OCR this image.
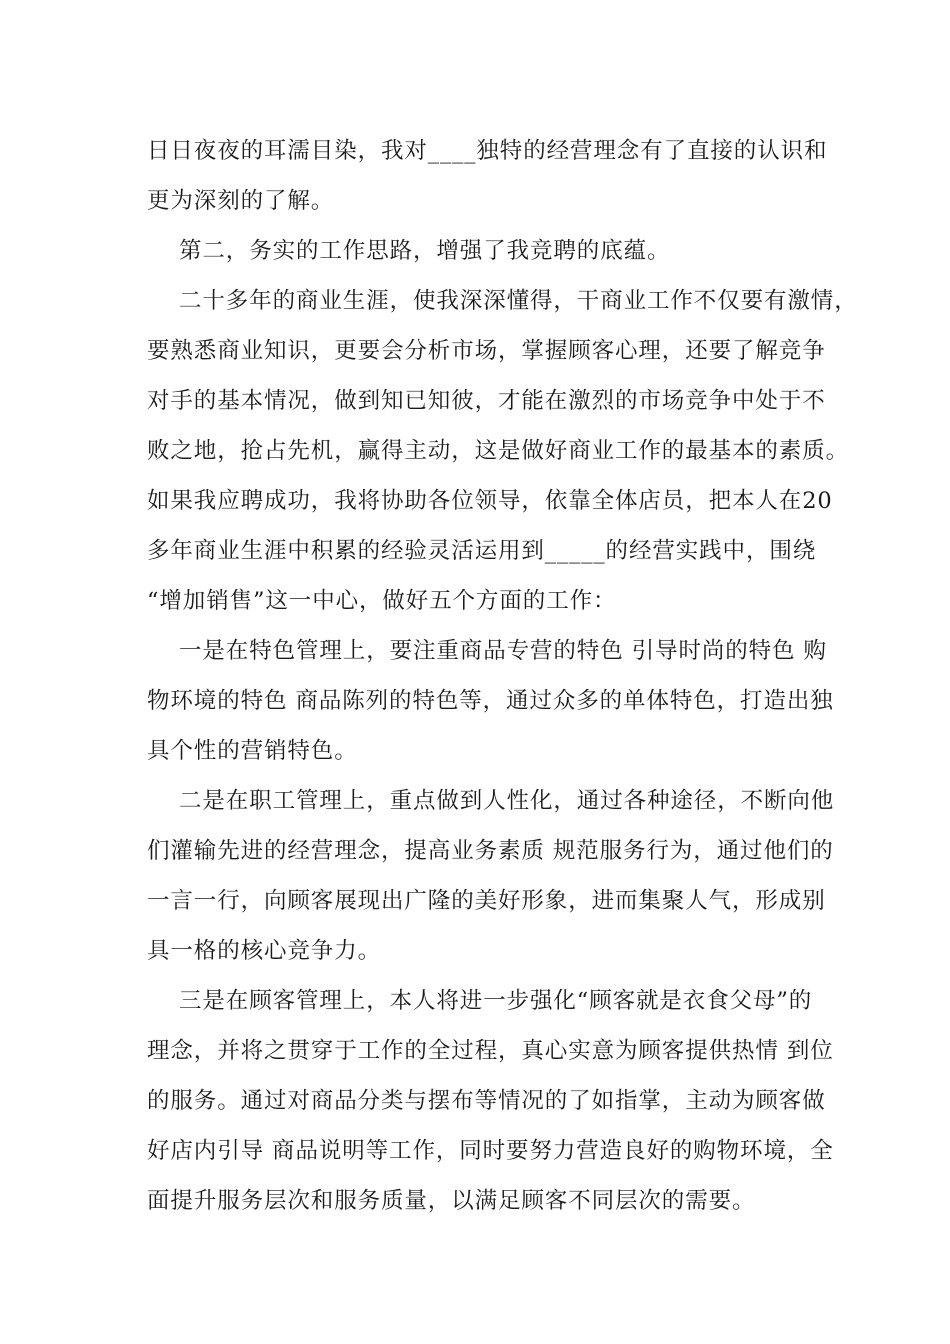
日日夜夜的耳濡目染，我对____独特的经营理念有了直接的认识和

更为深刻的了解。

第二，务实的工作思路，增强了我竞聘的底蕴。

二十多年的商业生涯，使我深深懂得，干商业工作不仅要有激情，

要熟悉商业知识，更要会分析市场，掌握顾客心理，还要了解竞争

对手的基本情况，做到知已知彼，才能在激烈的市场竞争中处于不

败之地，抢占先机，赢得主动，这是做好商业工作的最基本的素质。

如果我应聘成功，我将协助各位领导，依靠全体店员，把本人在20

多年商业生涯中积累的经验灵活运用到_____的经营实践中，围绕

“增加销售”这一中心，做好五个方面的工作：

一是在特色管理上，要注重商品专营的特色 引导时尚的特色 购

物环境的特色 商品陈列的特色等，通过众多的单体特色，打造出独

具个性的营销特色。

二是在职工管理上，重点做到人性化，通过各种途径，不断向他

们灌输先进的经营理念，提高业务素质 规范服务行为，通过他们的

一言一行，向顾客展现出广隆的美好形象，进而集聚人气，形成别

具一格的核心竞争力。

三是在顾客管理上，本人将进一步强化“顾客就是衣食父母”的

理念，并将之贯穿于工作的全过程，真心实意为顾客提供热情 到位

的服务。通过对商品分类与摆布等情况的了如指掌，主动为顾客做

好店内引导 商品说明等工作，同时要努力营造良好的购物环境，全

面提升服务层次和服务质量，以满足顾客不同层次的需要。
